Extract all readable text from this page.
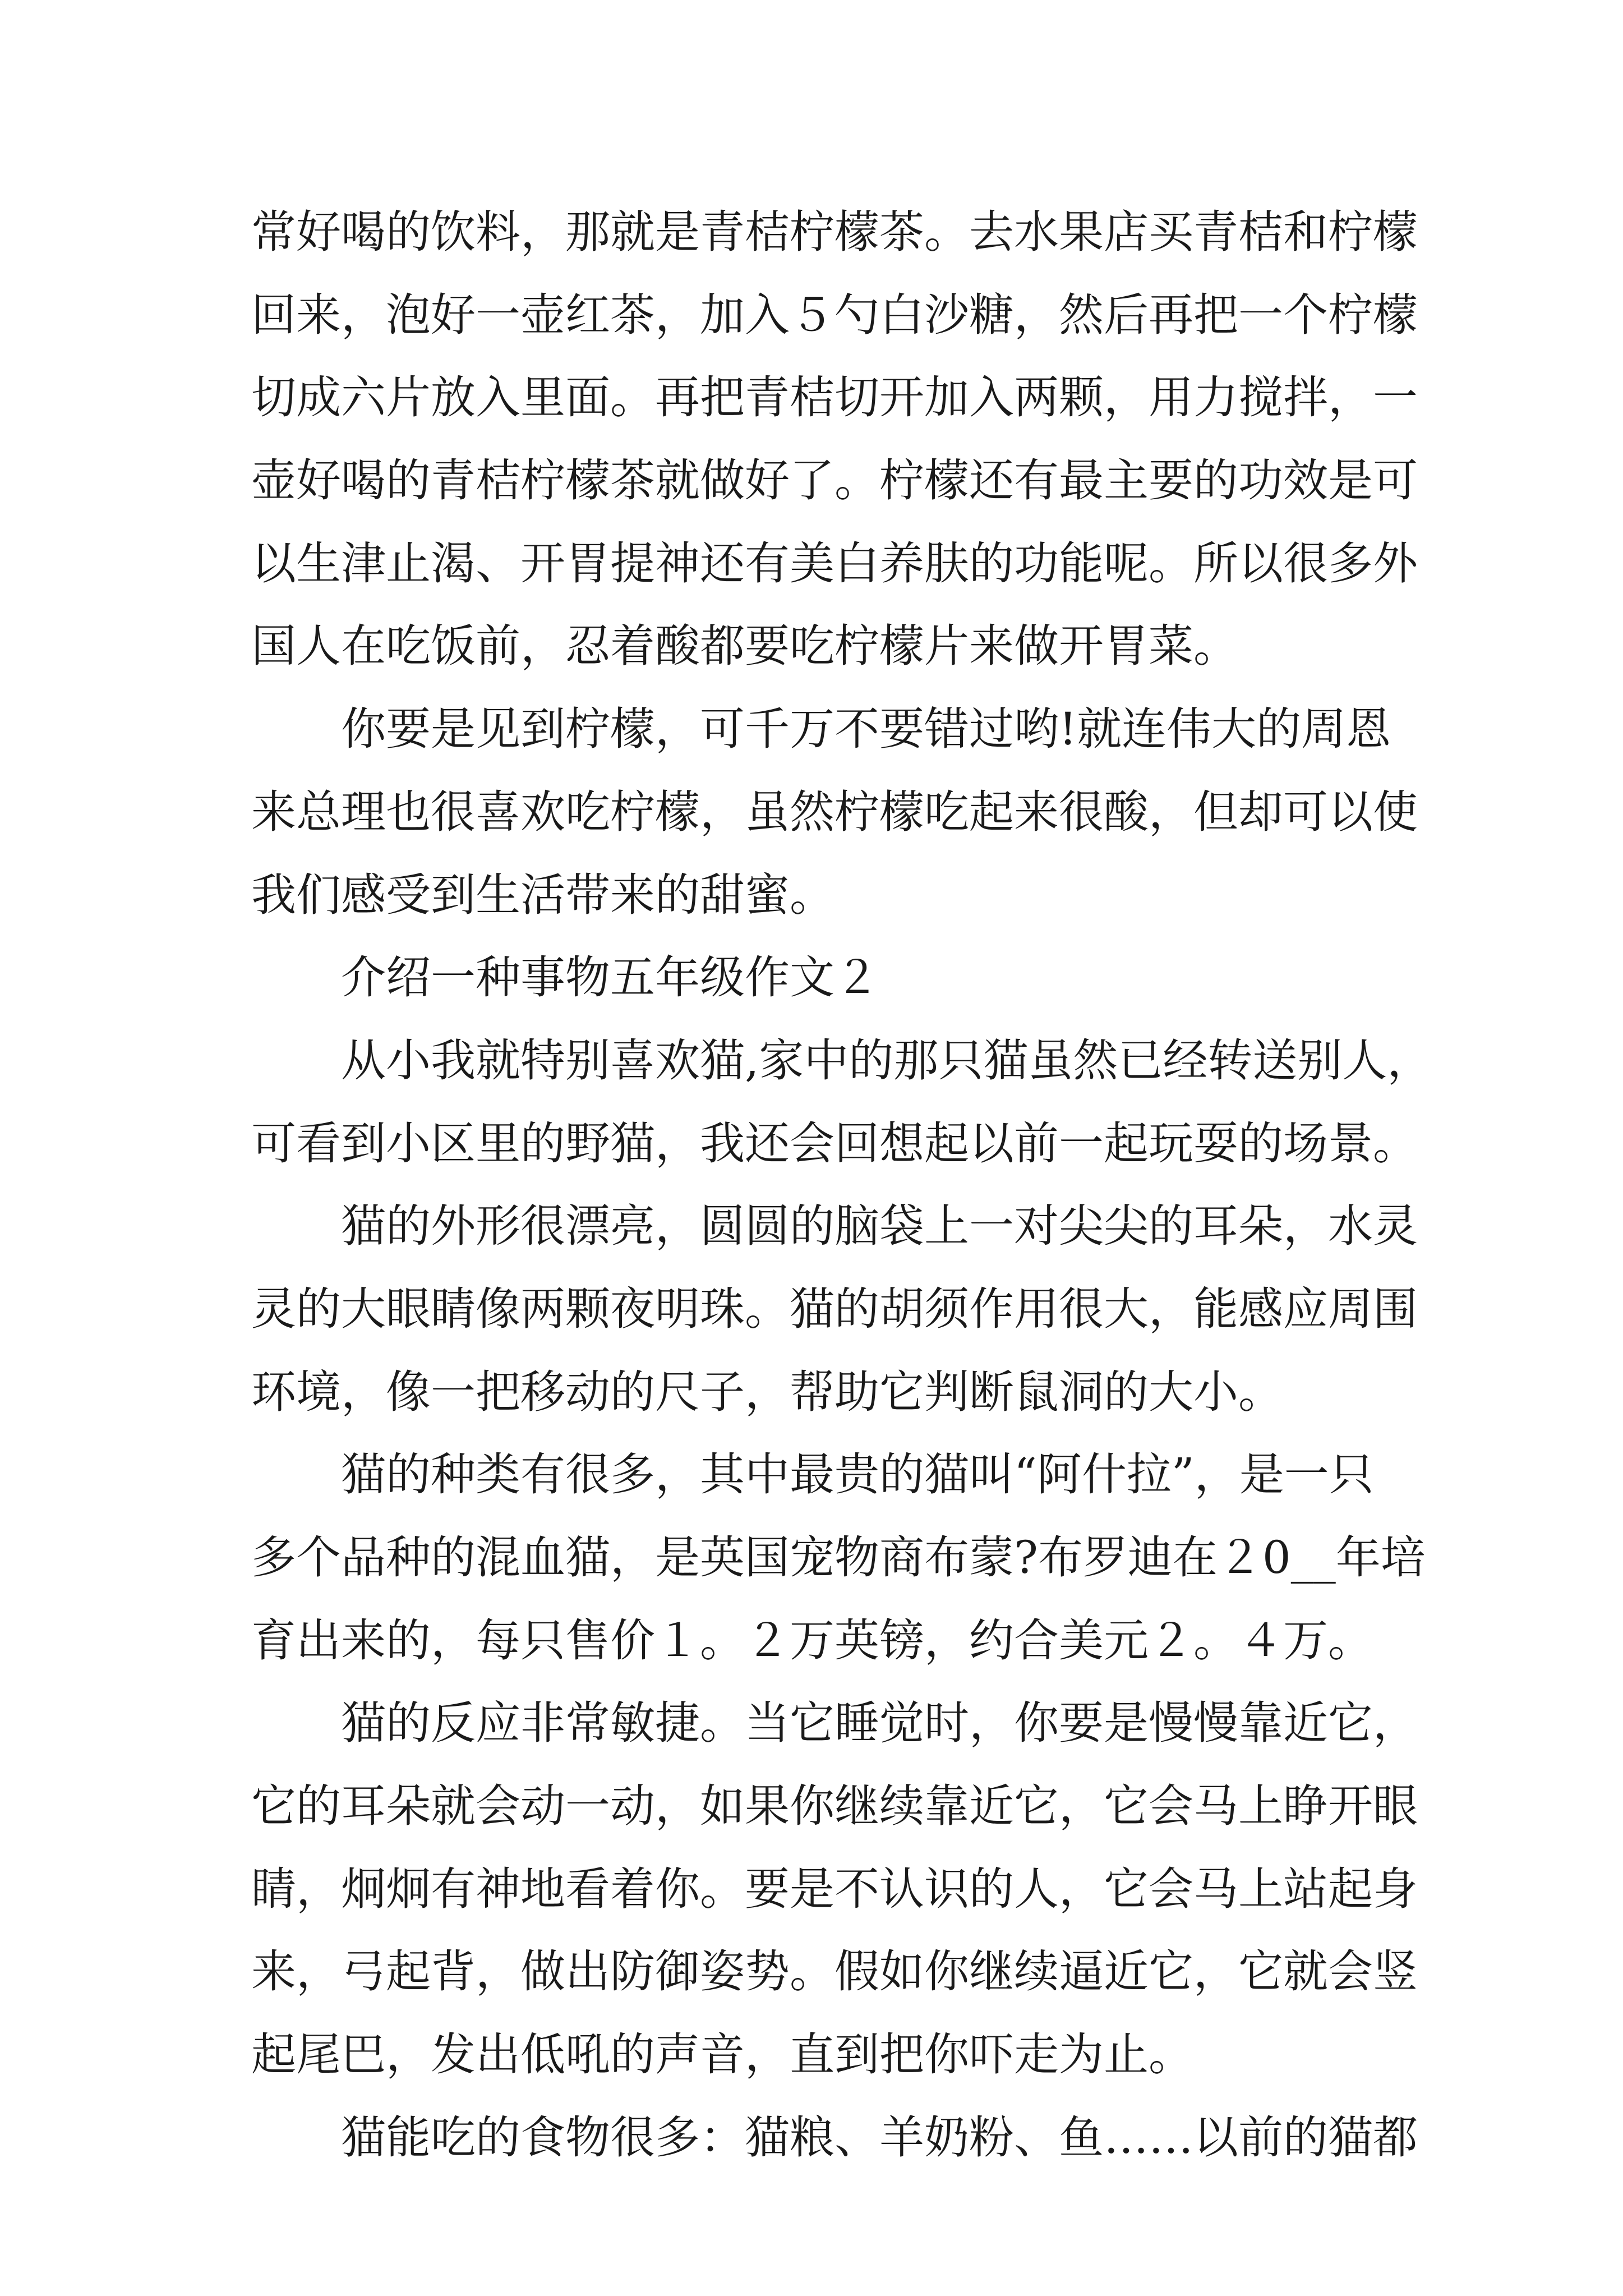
常好喝的饮料，那就是青桔柠檬茶。去水果店买青桔和柠檬
回来，泡好一壶红茶，加入５勺白沙糖，然后再把一个柠檬
切成六片放入里面。再把青桔切开加入两颗，用力搅拌，一
壶好喝的青桔柠檬茶就做好了。柠檬还有最主要的功效是可
以生津止渴、开胃提神还有美白养肤的功能呢。所以很多外
国人在吃饭前，忍着酸都要吃柠檬片来做开胃菜。
你要是见到柠檬，可千万不要错过哟!就连伟大的周恩
来总理也很喜欢吃柠檬，虽然柠檬吃起来很酸，但却可以使
我们感受到生活带来的甜蜜。
介绍一种事物五年级作文２
从小我就特别喜欢猫,家中的那只猫虽然已经转送别人，
可看到小区里的野猫，我还会回想起以前一起玩耍的场景。
猫的外形很漂亮，圆圆的脑袋上一对尖尖的耳朵，水灵
灵的大眼睛像两颗夜明珠。猫的胡须作用很大，能感应周围
环境，像一把移动的尺子，帮助它判断鼠洞的大小。
猫的种类有很多，其中最贵的猫叫“阿什拉”，是一只
多个品种的混血猫，是英国宠物商布蒙?布罗迪在２0__年培
育出来的，每只售价１。２万英镑，约合美元２。４万。
猫的反应非常敏捷。当它睡觉时，你要是慢慢靠近它，
它的耳朵就会动一动，如果你继续靠近它，它会马上睁开眼
睛，炯炯有神地看着你。要是不认识的人，它会马上站起身
来，弓起背，做出防御姿势。假如你继续逼近它，它就会竖
起尾巴，发出低吼的声音，直到把你吓走为止。
猫能吃的食物很多：猫粮、羊奶粉、鱼……以前的猫都
